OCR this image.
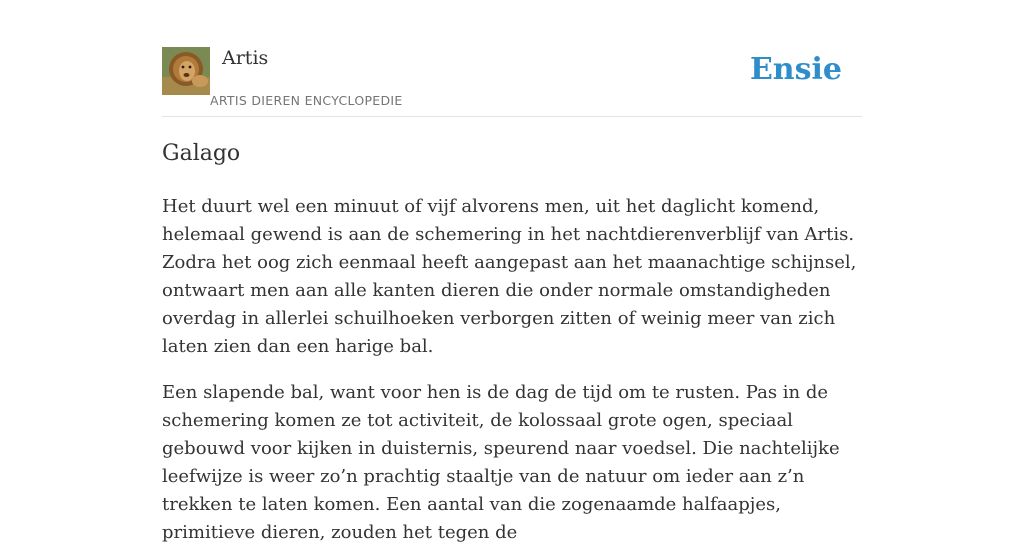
Artis
ARTIS DIEREN ENCYCLOPEDIE
Ensie
Galago

Het duurt wel een minuut of vijf alvorens men, uit het daglicht komend, helemaal gewend is aan de schemering in het nachtdierenverblijf van Artis. Zodra het oog zich eenmaal heeft aangepast aan het maanachtige schijnsel, ontwaart men aan alle kanten dieren die onder normale omstandigheden overdag in allerlei schuilhoeken verborgen zitten of weinig meer van zich laten zien dan een harige bal.

Een slapende bal, want voor hen is de dag de tijd om te rusten. Pas in de schemering komen ze tot activiteit, de kolossaal grote ogen, speciaal gebouwd voor kijken in duisternis, speurend naar voedsel. Die nachtelijke leefwijze is weer zo’n prachtig staaltje van de natuur om ieder aan z’n trekken te laten komen. Een aantal van die zogenaamde halfaapjes, primitieve dieren, zouden het tegen de
